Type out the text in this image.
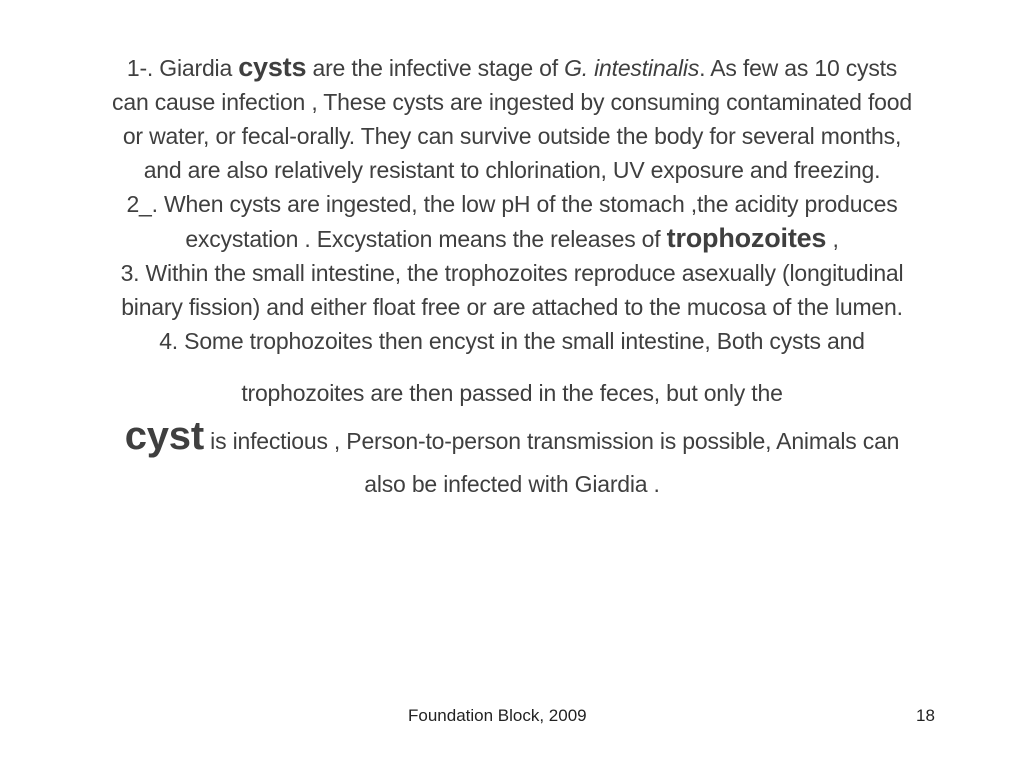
1-. Giardia cysts are the infective stage of G. intestinalis. As few as 10 cysts
can cause infection , These cysts are ingested by consuming contaminated food
or water, or fecal-orally. They can survive outside the body for several months,
and are also relatively resistant to chlorination, UV exposure and freezing.
2_. When cysts are ingested, the low pH of the stomach ,the acidity produces
excystation . Excystation means the releases of trophozoites ,
3. Within the small intestine, the trophozoites reproduce asexually (longitudinal
binary fission) and either float free or are attached to the mucosa of the lumen.
4. Some trophozoites then encyst in the small intestine, Both cysts and
trophozoites are then passed in the feces, but only the
cyst is infectious , Person-to-person transmission is possible, Animals can
also be infected with Giardia .
Foundation Block, 2009	18
